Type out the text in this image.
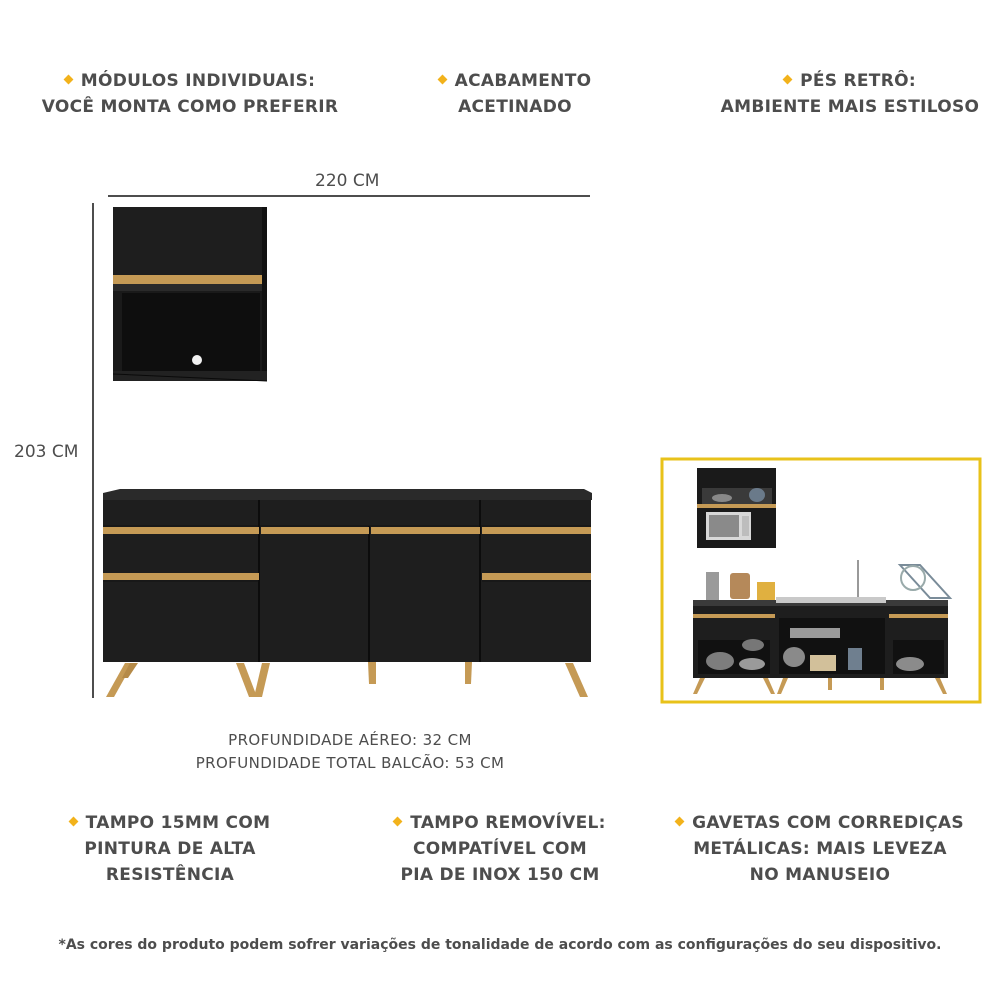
MÓDULOS INDIVIDUAIS:
VOCÊ MONTA COMO PREFERIR
ACABAMENTO
ACETINADO
PÉS RETRÔ:
AMBIENTE MAIS ESTILOSO
220 CM
203 CM
PROFUNDIDADE AÉREO: 32 CM
PROFUNDIDADE TOTAL BALCÃO: 53 CM
TAMPO 15MM COM
PINTURA DE ALTA
RESISTÊNCIA
TAMPO REMOVÍVEL:
COMPATÍVEL COM
PIA DE INOX 150 CM
GAVETAS COM CORREDIÇAS
METÁLICAS: MAIS LEVEZA
NO MANUSEIO
*As cores do produto podem sofrer variações de tonalidade de acordo com as configurações do seu dispositivo.
